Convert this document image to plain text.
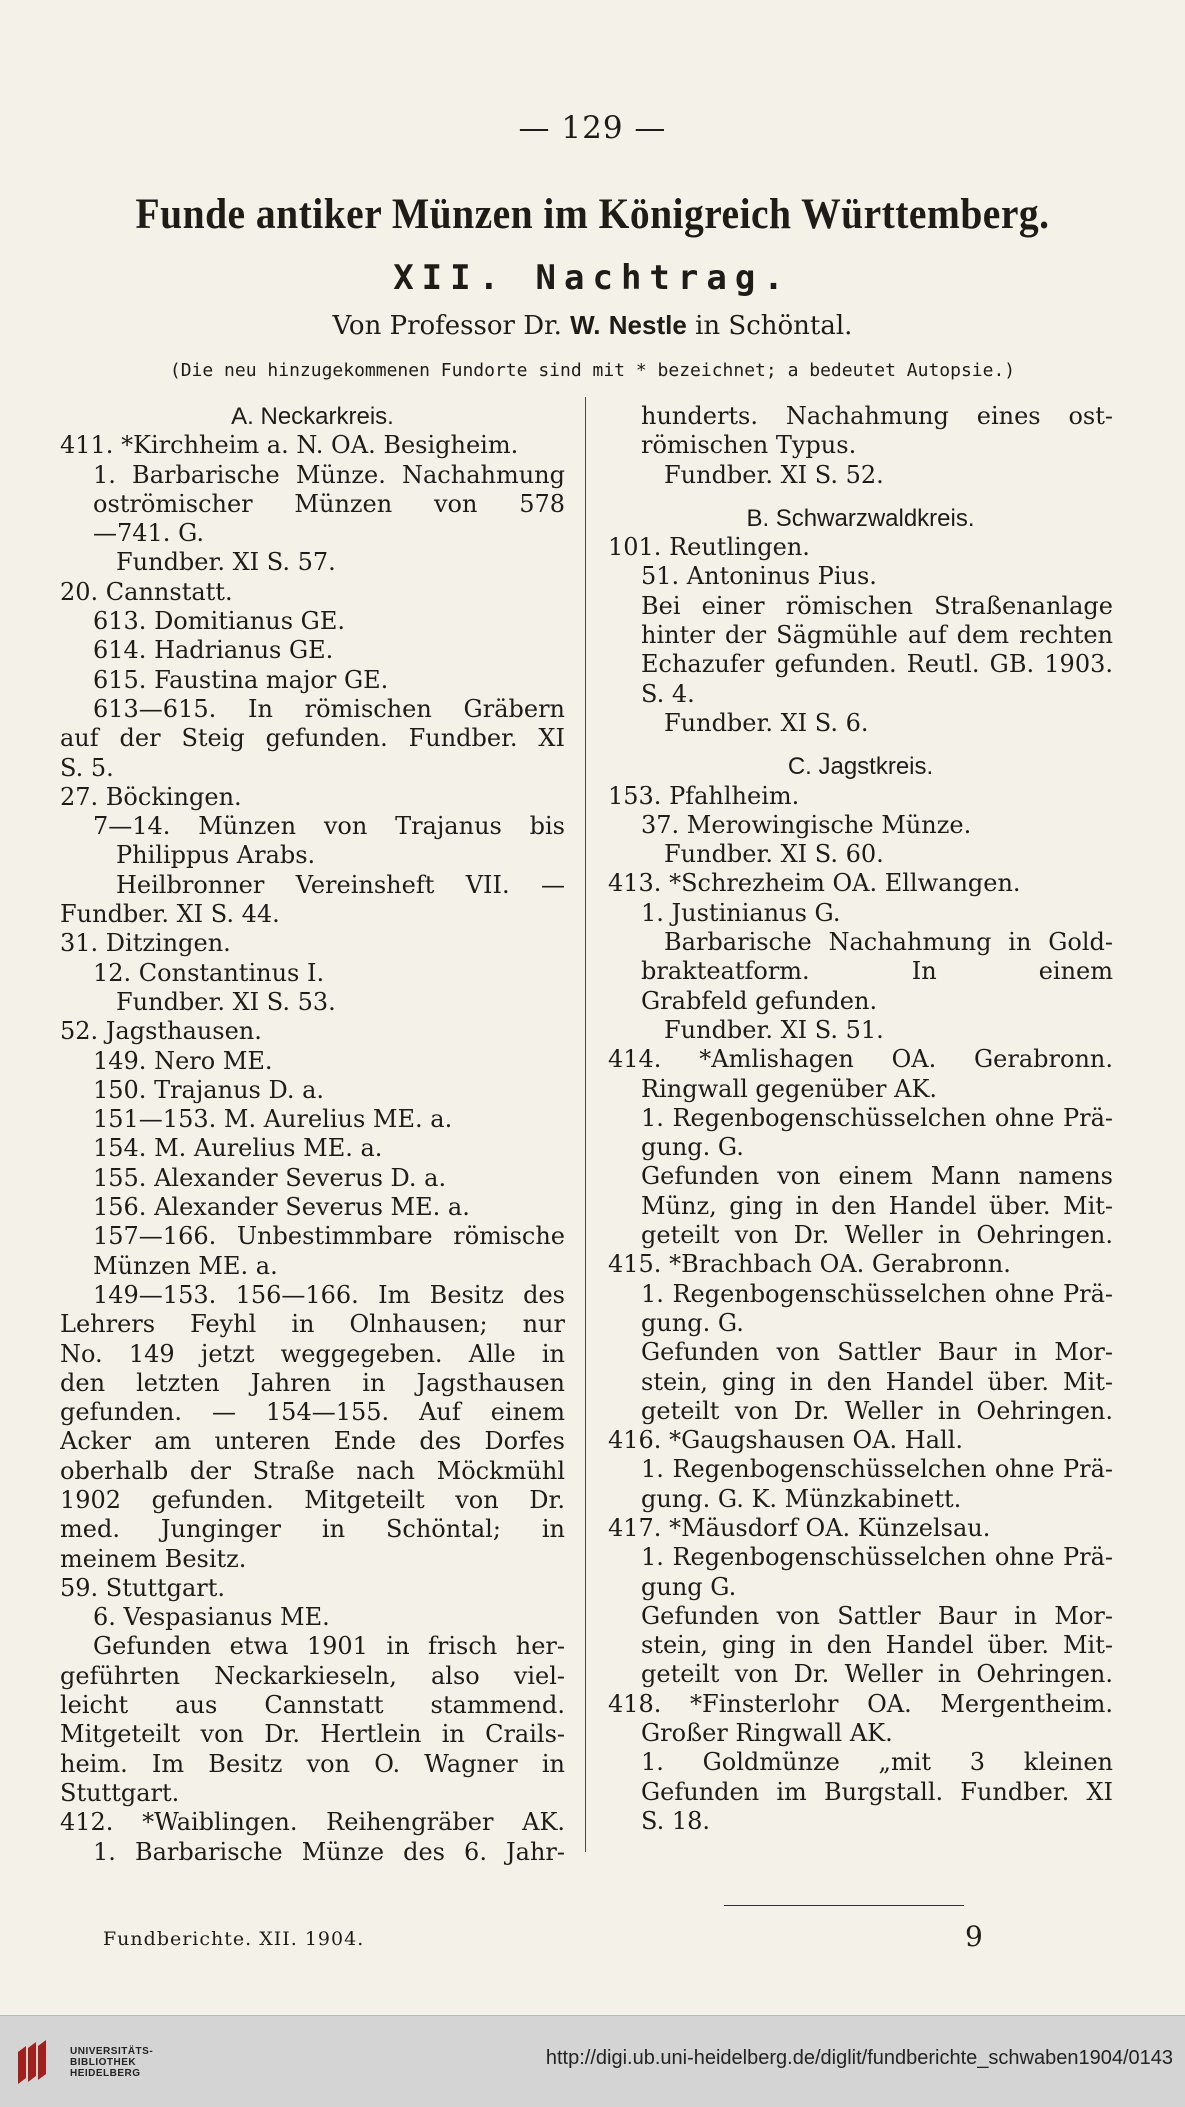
— 129 —
Funde antiker Münzen im Königreich Württemberg.
XII. Nachtrag.
Von Professor Dr. W. Nestle in Schöntal.
(Die neu hinzugekommenen Fundorte sind mit * bezeichnet; a bedeutet Autopsie.)
A. Neckarkreis.
411. *Kirchheim a. N. OA. Besigheim.
1. Barbarische Münze. Nachahmung
oströmischer Münzen von 578
—741. G.
Fundber. XI S. 57.
20. Cannstatt.
613. Domitianus GE.
614. Hadrianus GE.
615. Faustina major GE.
613—615. In römischen Gräbern
auf der Steig gefunden. Fundber. XI
S. 5.
27. Böckingen.
7—14. Münzen von Trajanus bis
Philippus Arabs.
Heilbronner Vereinsheft VII. —
Fundber. XI S. 44.
31. Ditzingen.
12. Constantinus I.
Fundber. XI S. 53.
52. Jagsthausen.
149. Nero ME.
150. Trajanus D. a.
151—153. M. Aurelius ME. a.
154. M. Aurelius ME. a.
155. Alexander Severus D. a.
156. Alexander Severus ME. a.
157—166. Unbestimmbare römische
Münzen ME. a.
149—153. 156—166. Im Besitz des
Lehrers Feyhl in Olnhausen; nur
No. 149 jetzt weggegeben. Alle in
den letzten Jahren in Jagsthausen
gefunden. — 154—155. Auf einem
Acker am unteren Ende des Dorfes
oberhalb der Straße nach Möckmühl
1902 gefunden. Mitgeteilt von Dr.
med. Junginger in Schöntal; in
meinem Besitz.
59. Stuttgart.
6. Vespasianus ME.
Gefunden etwa 1901 in frisch her-
geführten Neckarkieseln, also viel-
leicht aus Cannstatt stammend.
Mitgeteilt von Dr. Hertlein in Crails-
heim. Im Besitz von O. Wagner in
Stuttgart.
412. *Waiblingen. Reihengräber AK.
1. Barbarische Münze des 6. Jahr-
hunderts. Nachahmung eines ost-
römischen Typus.
Fundber. XI S. 52.
B. Schwarzwaldkreis.
101. Reutlingen.
51. Antoninus Pius.
Bei einer römischen Straßenanlage
hinter der Sägmühle auf dem rechten
Echazufer gefunden. Reutl. GB. 1903.
S. 4.
Fundber. XI S. 6.
C. Jagstkreis.
153. Pfahlheim.
37. Merowingische Münze.
Fundber. XI S. 60.
413. *Schrezheim OA. Ellwangen.
1. Justinianus G.
Barbarische Nachahmung in Gold-
brakteatform. In einem
Grabfeld gefunden.
Fundber. XI S. 51.
414. *Amlishagen OA. Gerabronn.
Ringwall gegenüber AK.
1. Regenbogenschüsselchen ohne Prä-
gung. G.
Gefunden von einem Mann namens
Münz, ging in den Handel über. Mit-
geteilt von Dr. Weller in Oehringen.
415. *Brachbach OA. Gerabronn.
1. Regenbogenschüsselchen ohne Prä-
gung. G.
Gefunden von Sattler Baur in Mor-
stein, ging in den Handel über. Mit-
geteilt von Dr. Weller in Oehringen.
416. *Gaugshausen OA. Hall.
1. Regenbogenschüsselchen ohne Prä-
gung. G. K. Münzkabinett.
417. *Mäusdorf OA. Künzelsau.
1. Regenbogenschüsselchen ohne Prä-
gung G.
Gefunden von Sattler Baur in Mor-
stein, ging in den Handel über. Mit-
geteilt von Dr. Weller in Oehringen.
418. *Finsterlohr OA. Mergentheim.
Großer Ringwall AK.
1. Goldmünze „mit 3 kleinen
Gefunden im Burgstall. Fundber. XI
S. 18.
Fundberichte. XII. 1904.	9
UNIVERSITÄTS-
BIBLIOTHEK
HEIDELBERG
http://digi.ub.uni-heidelberg.de/diglit/fundberichte_schwaben1904/0143
